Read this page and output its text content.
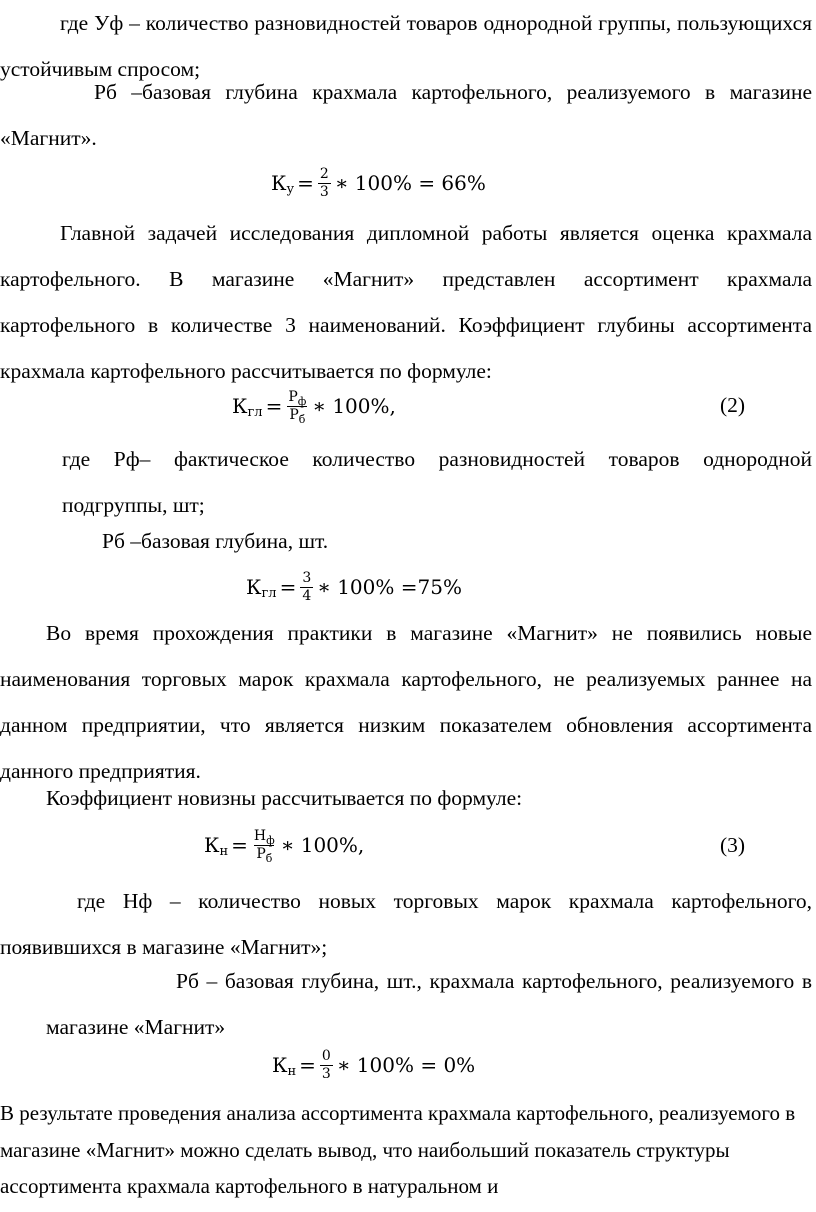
где Уф – количество разновидностей товаров однородной группы, пользующихся устойчивым спросом;

Рб –базовая глубина крахмала картофельного, реализуемого в магазине «Магнит».

К $у = \frac{2}{3}$ ∗ 100% = 66%

Главной задачей исследования дипломной работы является оценка крахмала картофельного. В магазине «Магнит» представлен ассортимент крахмала картофельного в количестве 3 наименований. Коэффициент глубины ассортимента крахмала картофельного рассчитывается по формуле:

К гл = $\frac{Р_ф}{Р_б}$ ∗ 100%,	(2)

где Рф– фактическое количество разновидностей товаров однородной подгруппы, шт;

Рб –базовая глубина, шт.

К гл = $\frac{3}{4}$ ∗ 100% =75%

Во время прохождения практики в магазине «Магнит» не появились новые наименования торговых марок крахмала картофельного, не реализуемых раннее на данном предприятии, что является низким показателем обновления ассортимента данного предприятия.

Коэффициент новизны рассчитывается по формуле:

К $н = \frac{Н_ф}{Р_б}$ ∗ 100%,	(3)

где Нф – количество новых торговых марок крахмала картофельного, появившихся в магазине «Магнит»;

Рб – базовая глубина, шт., крахмала картофельного, реализуемого в магазине «Магнит»

К $н = \frac{0}{3}$ ∗ 100% = 0%

В результате проведения анализа ассортимента крахмала картофельного, реализуемого в магазине «Магнит» можно сделать вывод, что наибольший показатель структуры ассортимента крахмала картофельного в натуральном и
